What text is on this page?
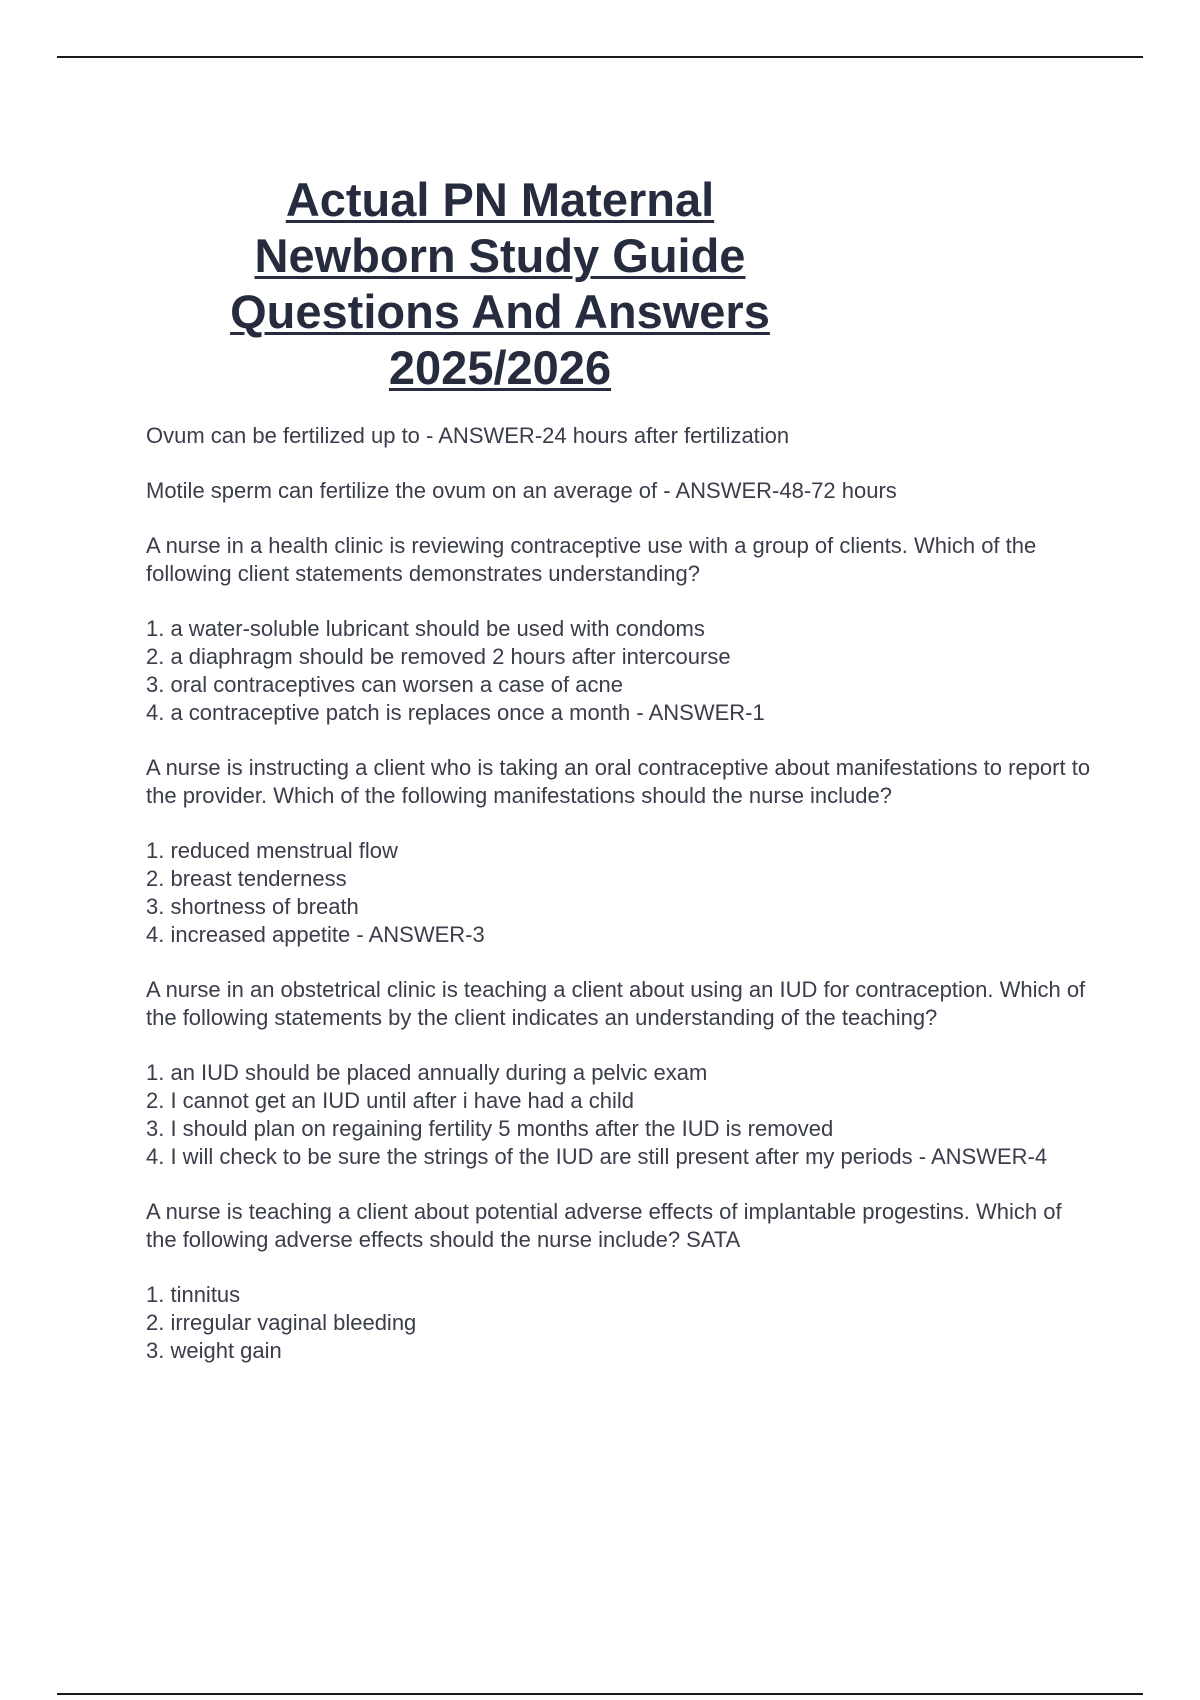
Actual PN Maternal
Newborn Study Guide
Questions And Answers
2025/2026

Ovum can be fertilized up to - ANSWER-24 hours after fertilization

Motile sperm can fertilize the ovum on an average of - ANSWER-48-72 hours

A nurse in a health clinic is reviewing contraceptive use with a group of clients. Which of the following client statements demonstrates understanding?

1. a water-soluble lubricant should be used with condoms
2. a diaphragm should be removed 2 hours after intercourse
3. oral contraceptives can worsen a case of acne
4. a contraceptive patch is replaces once a month - ANSWER-1

A nurse is instructing a client who is taking an oral contraceptive about manifestations to report to the provider. Which of the following manifestations should the nurse include?

1. reduced menstrual flow
2. breast tenderness
3. shortness of breath
4. increased appetite - ANSWER-3

A nurse in an obstetrical clinic is teaching a client about using an IUD for contraception. Which of the following statements by the client indicates an understanding of the teaching?

1. an IUD should be placed annually during a pelvic exam
2. I cannot get an IUD until after i have had a child
3. I should plan on regaining fertility 5 months after the IUD is removed
4. I will check to be sure the strings of the IUD are still present after my periods - ANSWER-4

A nurse is teaching a client about potential adverse effects of implantable progestins. Which of the following adverse effects should the nurse include? SATA

1. tinnitus
2. irregular vaginal bleeding
3. weight gain
